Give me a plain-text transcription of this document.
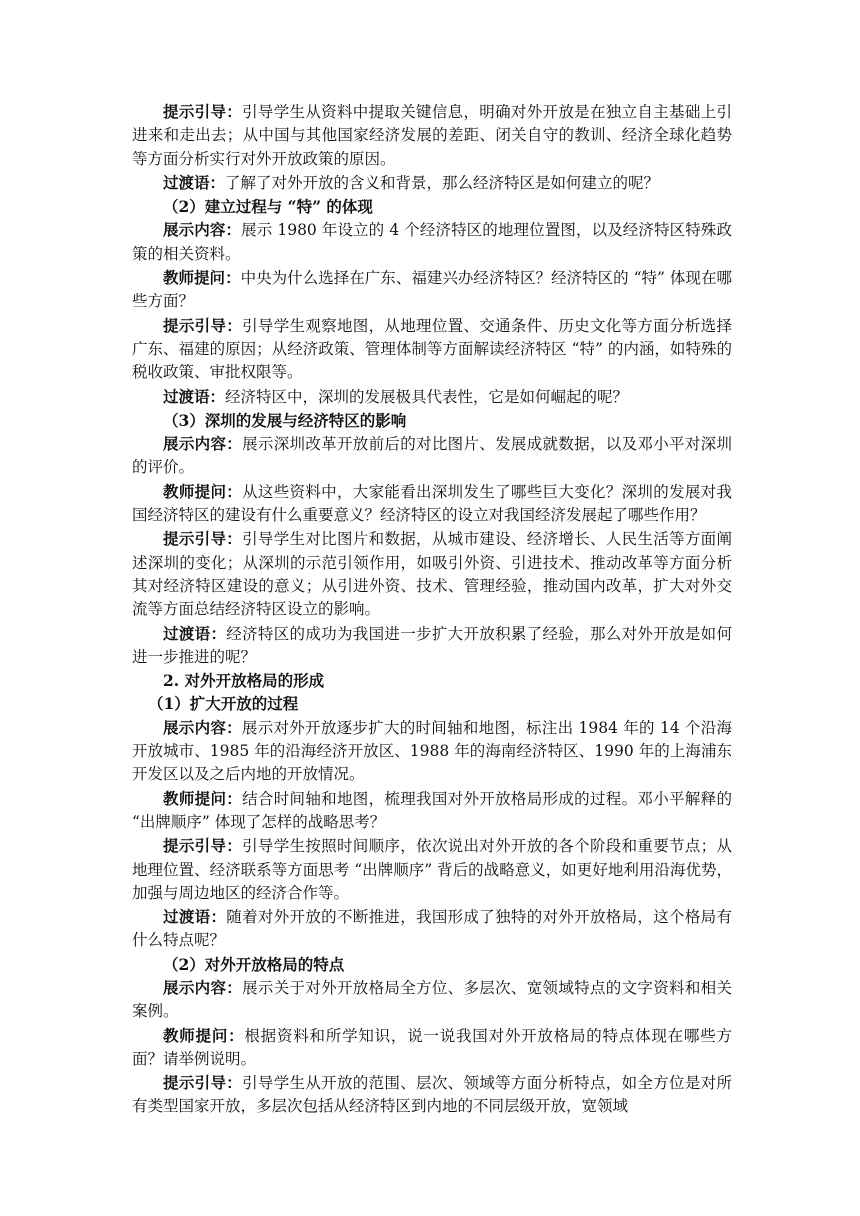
提示引导：引导学生从资料中提取关键信息，明确对外开放是在独立自主基础上引进来和走出去；从中国与其他国家经济发展的差距、闭关自守的教训、经济全球化趋势等方面分析实行对外开放政策的原因。

过渡语：了解了对外开放的含义和背景，那么经济特区是如何建立的呢？

（2）建立过程与 “特” 的体现

展示内容：展示 1980 年设立的 4 个经济特区的地理位置图，以及经济特区特殊政策的相关资料。

教师提问：中央为什么选择在广东、福建兴办经济特区？经济特区的 “特” 体现在哪些方面？

提示引导：引导学生观察地图，从地理位置、交通条件、历史文化等方面分析选择广东、福建的原因；从经济政策、管理体制等方面解读经济特区 “特” 的内涵，如特殊的税收政策、审批权限等。

过渡语：经济特区中，深圳的发展极具代表性，它是如何崛起的呢？

（3）深圳的发展与经济特区的影响

展示内容：展示深圳改革开放前后的对比图片、发展成就数据，以及邓小平对深圳的评价。

教师提问：从这些资料中，大家能看出深圳发生了哪些巨大变化？深圳的发展对我国经济特区的建设有什么重要意义？经济特区的设立对我国经济发展起了哪些作用？

提示引导：引导学生对比图片和数据，从城市建设、经济增长、人民生活等方面阐述深圳的变化；从深圳的示范引领作用，如吸引外资、引进技术、推动改革等方面分析其对经济特区建设的意义；从引进外资、技术、管理经验，推动国内改革，扩大对外交流等方面总结经济特区设立的影响。

过渡语：经济特区的成功为我国进一步扩大开放积累了经验，那么对外开放是如何进一步推进的呢？

2. 对外开放格局的形成

（1）扩大开放的过程

展示内容：展示对外开放逐步扩大的时间轴和地图，标注出 1984 年的 14 个沿海开放城市、1985 年的沿海经济开放区、1988 年的海南经济特区、1990 年的上海浦东开发区以及之后内地的开放情况。

教师提问：结合时间轴和地图，梳理我国对外开放格局形成的过程。邓小平解释的 “出牌顺序” 体现了怎样的战略思考？

提示引导：引导学生按照时间顺序，依次说出对外开放的各个阶段和重要节点；从地理位置、经济联系等方面思考 “出牌顺序” 背后的战略意义，如更好地利用沿海优势，加强与周边地区的经济合作等。

过渡语：随着对外开放的不断推进，我国形成了独特的对外开放格局，这个格局有什么特点呢？

（2）对外开放格局的特点

展示内容：展示关于对外开放格局全方位、多层次、宽领域特点的文字资料和相关案例。

教师提问：根据资料和所学知识，说一说我国对外开放格局的特点体现在哪些方面？请举例说明。

提示引导：引导学生从开放的范围、层次、领域等方面分析特点，如全方位是对所有类型国家开放，多层次包括从经济特区到内地的不同层级开放，宽领域
